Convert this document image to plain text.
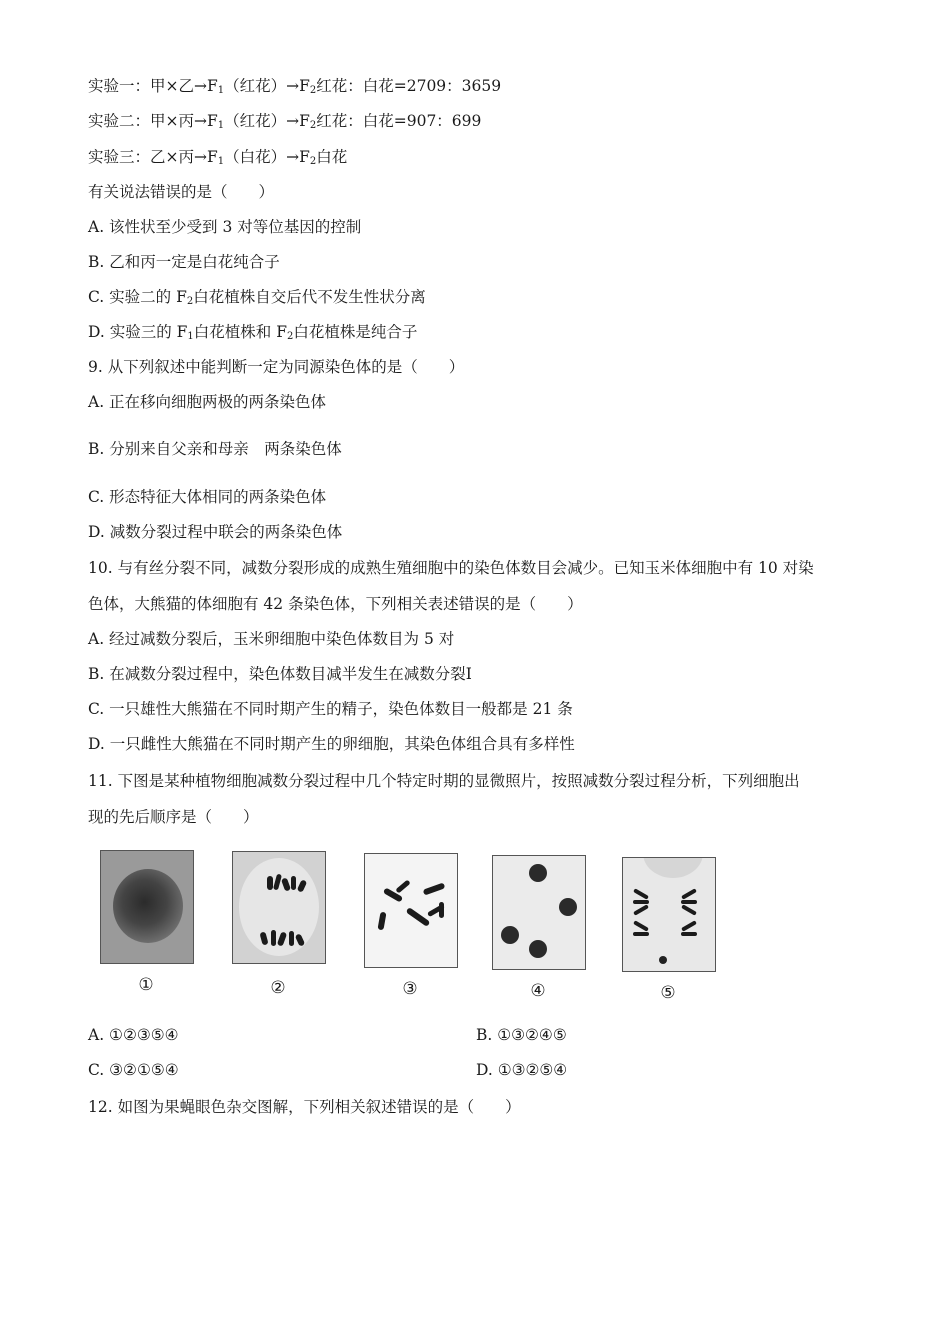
实验一：甲×乙$\to F_1$（红花）$\to F_2$红花：白花=2709：3659
实验二：甲×丙$\to F_1$（红花）$\to F_2$红花：白花=907：699
实验三：乙×丙$\to F_1$（白花）$\to F_2$白花
有关说法错误的是（　　）
A. 该性状至少受到 3 对等位基因的控制
B. 乙和丙一定是白花纯合子
C. 实验二的 $F_2$白花植株自交后代不发生性状分离
D. 实验三的 $F_1$白花植株和 $F_2$白花植株是纯合子
9. 从下列叙述中能判断一定为同源染色体的是（　　）
A. 正在移向细胞两极的两条染色体
B. 分别来自父亲和母亲　两条染色体
C. 形态特征大体相同的两条染色体
D. 减数分裂过程中联会的两条染色体
10. 与有丝分裂不同，减数分裂形成的成熟生殖细胞中的染色体数目会减少。已知玉米体细胞中有 10 对染
色体，大熊猫的体细胞有 42 条染色体，下列相关表述错误的是（　　）
A. 经过减数分裂后，玉米卵细胞中染色体数目为 5 对
B. 在减数分裂过程中，染色体数目减半发生在减数分裂Ⅰ
C. 一只雄性大熊猫在不同时期产生的精子，染色体数目一般都是 21 条
D. 一只雌性大熊猫在不同时期产生的卵细胞，其染色体组合具有多样性
11. 下图是某种植物细胞减数分裂过程中几个特定时期的显微照片，按照减数分裂过程分析，下列细胞出
现的先后顺序是（　　）
①	②	③	④	⑤
A. ①②③⑤④	B. ①③②④⑤
C. ③②①⑤④	D. ①③②⑤④
12. 如图为果蝇眼色杂交图解，下列相关叙述错误的是（　　）
